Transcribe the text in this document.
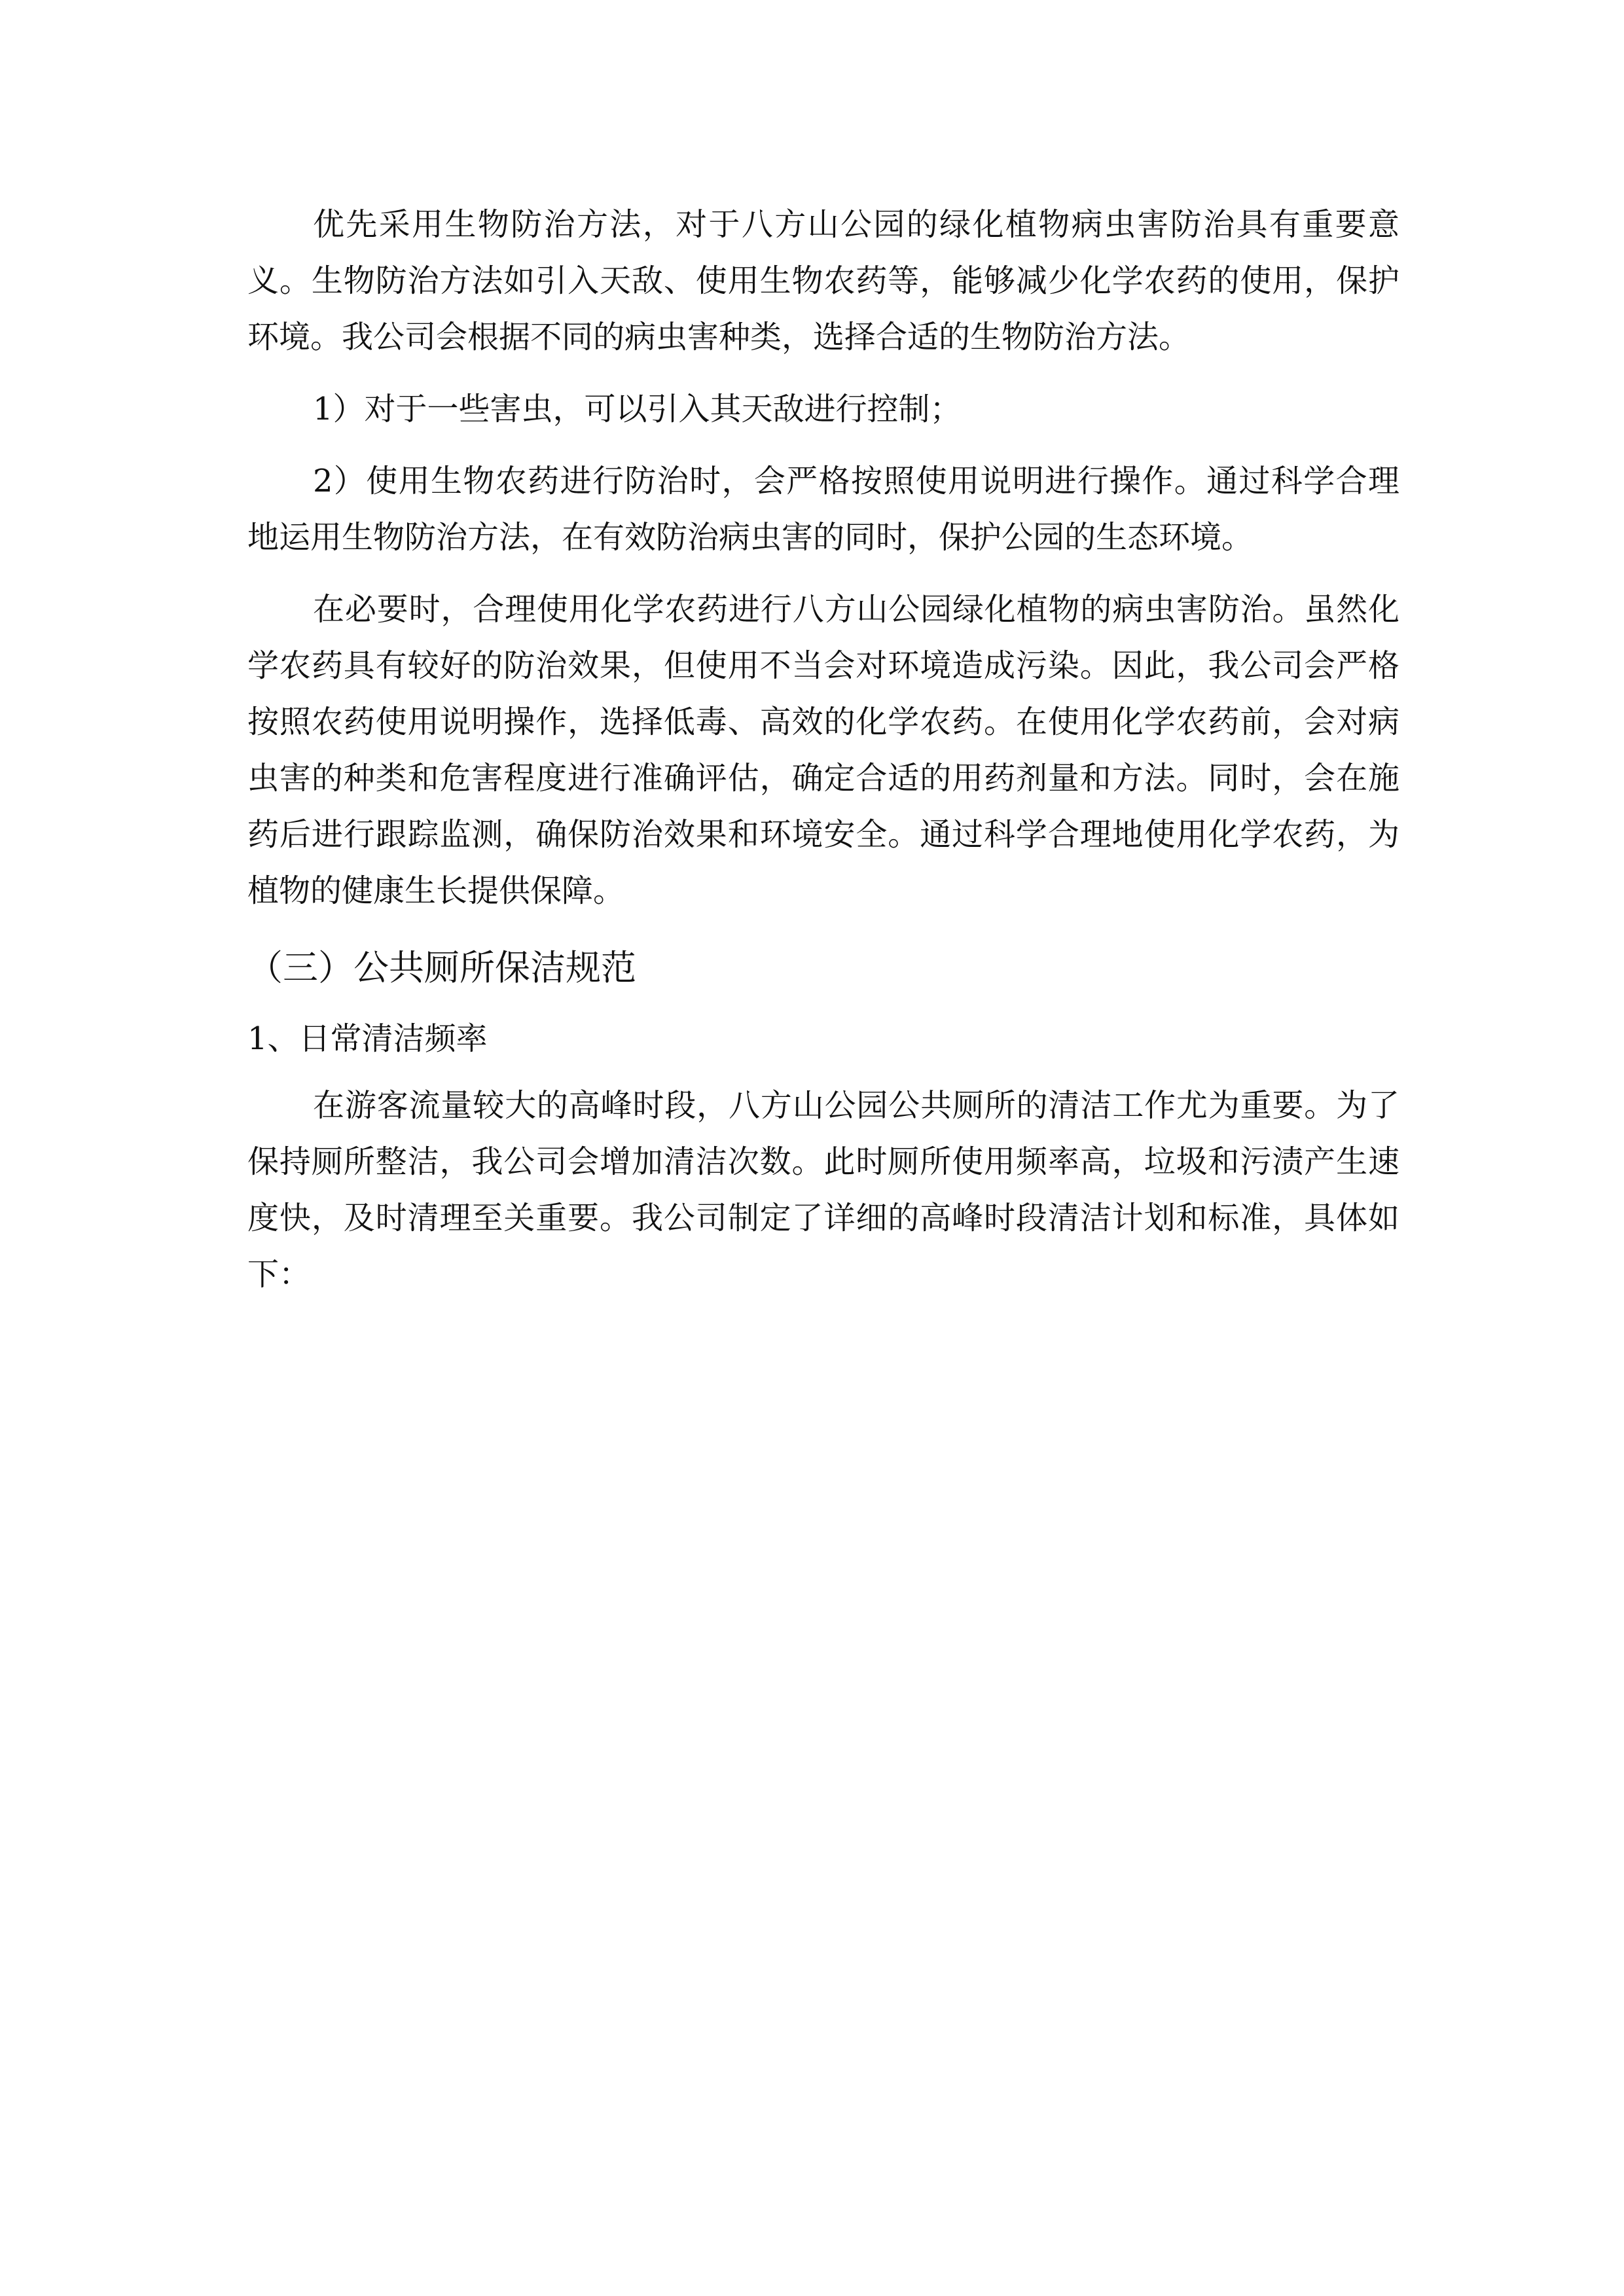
优先采用生物防治方法，对于八方山公园的绿化植物病虫害防治具有重要意义。生物防治方法如引入天敌、使用生物农药等，能够减少化学农药的使用，保护环境。我公司会根据不同的病虫害种类，选择合适的生物防治方法。

1）对于一些害虫，可以引入其天敌进行控制；

2）使用生物农药进行防治时，会严格按照使用说明进行操作。通过科学合理地运用生物防治方法，在有效防治病虫害的同时，保护公园的生态环境。

在必要时，合理使用化学农药进行八方山公园绿化植物的病虫害防治。虽然化学农药具有较好的防治效果，但使用不当会对环境造成污染。因此，我公司会严格按照农药使用说明操作，选择低毒、高效的化学农药。在使用化学农药前，会对病虫害的种类和危害程度进行准确评估，确定合适的用药剂量和方法。同时，会在施药后进行跟踪监测，确保防治效果和环境安全。通过科学合理地使用化学农药，为植物的健康生长提供保障。

（三）公共厕所保洁规范
1、日常清洁频率

在游客流量较大的高峰时段，八方山公园公共厕所的清洁工作尤为重要。为了保持厕所整洁，我公司会增加清洁次数。此时厕所使用频率高，垃圾和污渍产生速度快，及时清理至关重要。我公司制定了详细的高峰时段清洁计划和标准，具体如下：
